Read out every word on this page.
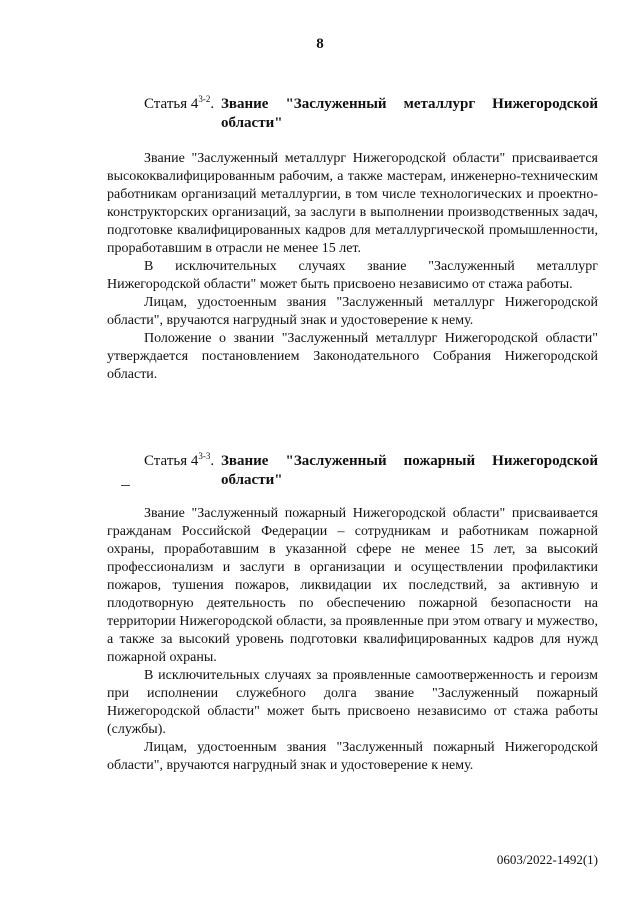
8
Статья 4$^{3-2}$. Звание "Заслуженный металлург Нижегородской области"

Звание "Заслуженный металлург Нижегородской области" присваивается высококвалифицированным рабочим, а также мастерам, инженерно-техническим работникам организаций металлургии, в том числе технологических и проектно-конструкторских организаций, за заслуги в выполнении производственных задач, подготовке квалифицированных кадров для металлургической промышленности, проработавшим в отрасли не менее 15 лет.

В исключительных случаях звание "Заслуженный металлург Нижегородской области" может быть присвоено независимо от стажа работы.

Лицам, удостоенным звания "Заслуженный металлург Нижегородской области", вручаются нагрудный знак и удостоверение к нему.

Положение о звании "Заслуженный металлург Нижегородской области" утверждается постановлением Законодательного Собрания Нижегородской области.

Статья 4$^{3-3}$. Звание "Заслуженный пожарный Нижегородской области"

Звание "Заслуженный пожарный Нижегородской области" присваивается гражданам Российской Федерации – сотрудникам и работникам пожарной охраны, проработавшим в указанной сфере не менее 15 лет, за высокий профессионализм и заслуги в организации и осуществлении профилактики пожаров, тушения пожаров, ликвидации их последствий, за активную и плодотворную деятельность по обеспечению пожарной безопасности на территории Нижегородской области, за проявленные при этом отвагу и мужество, а также за высокий уровень подготовки квалифицированных кадров для нужд пожарной охраны.

В исключительных случаях за проявленные самоотверженность и героизм при исполнении служебного долга звание "Заслуженный пожарный Нижегородской области" может быть присвоено независимо от стажа работы (службы).

Лицам, удостоенным звания "Заслуженный пожарный Нижегородской области", вручаются нагрудный знак и удостоверение к нему.

0603/2022-1492(1)
